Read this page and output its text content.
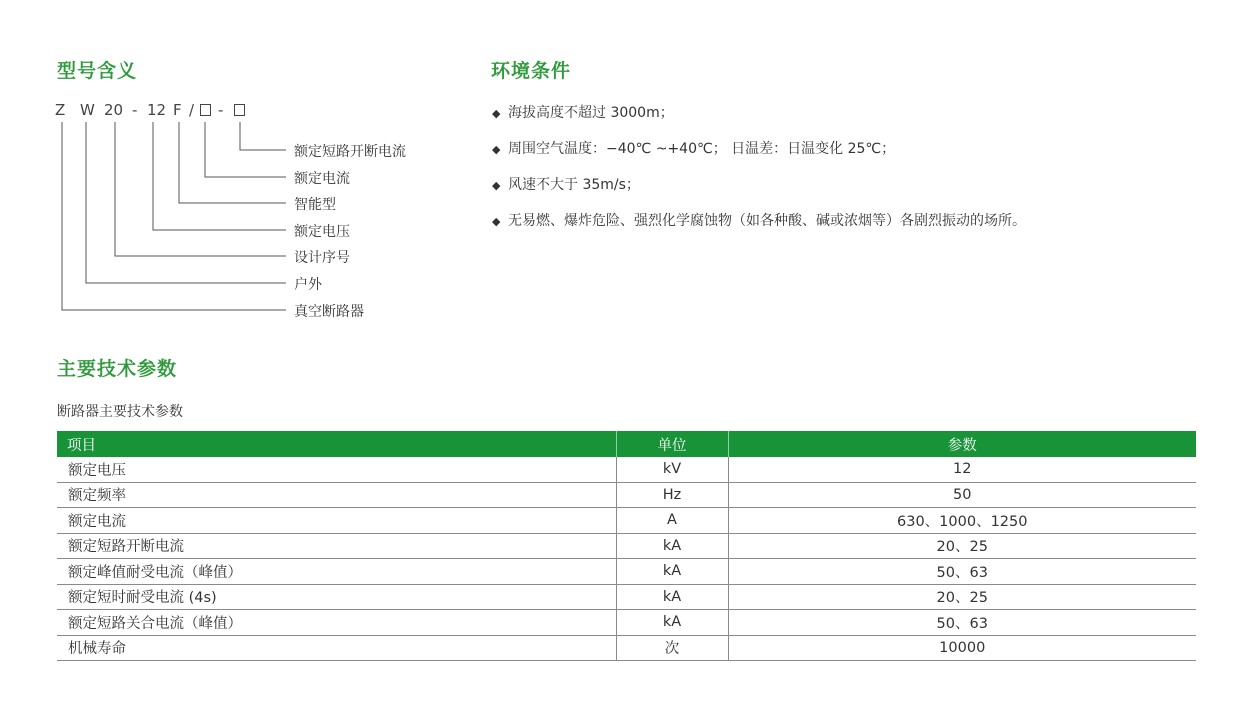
型号含义	环境条件
主要技术参数
Z W 20 - 12 F / -
额定短路开断电流
额定电流
智能型
额定电压
设计序号
户外
真空断路器
◆ 海拔高度不超过 3000m；
◆ 周围空气温度：−40℃ ~+40℃； 日温差：日温变化 25℃；
◆ 风速不大于 35m/s；
◆ 无易燃、爆炸危险、强烈化学腐蚀物（如各种酸、碱或浓烟等）各剧烈振动的场所。
断路器主要技术参数
项目	单位	参数
额定电压	kV	12
额定频率	Hz	50
额定电流	A	630、1000、1250
额定短路开断电流	kA	20、25
额定峰值耐受电流（峰值）	kA	50、63
额定短时耐受电流 (4s)	kA	20、25
额定短路关合电流（峰值）	kA	50、63
机械寿命	次	10000
